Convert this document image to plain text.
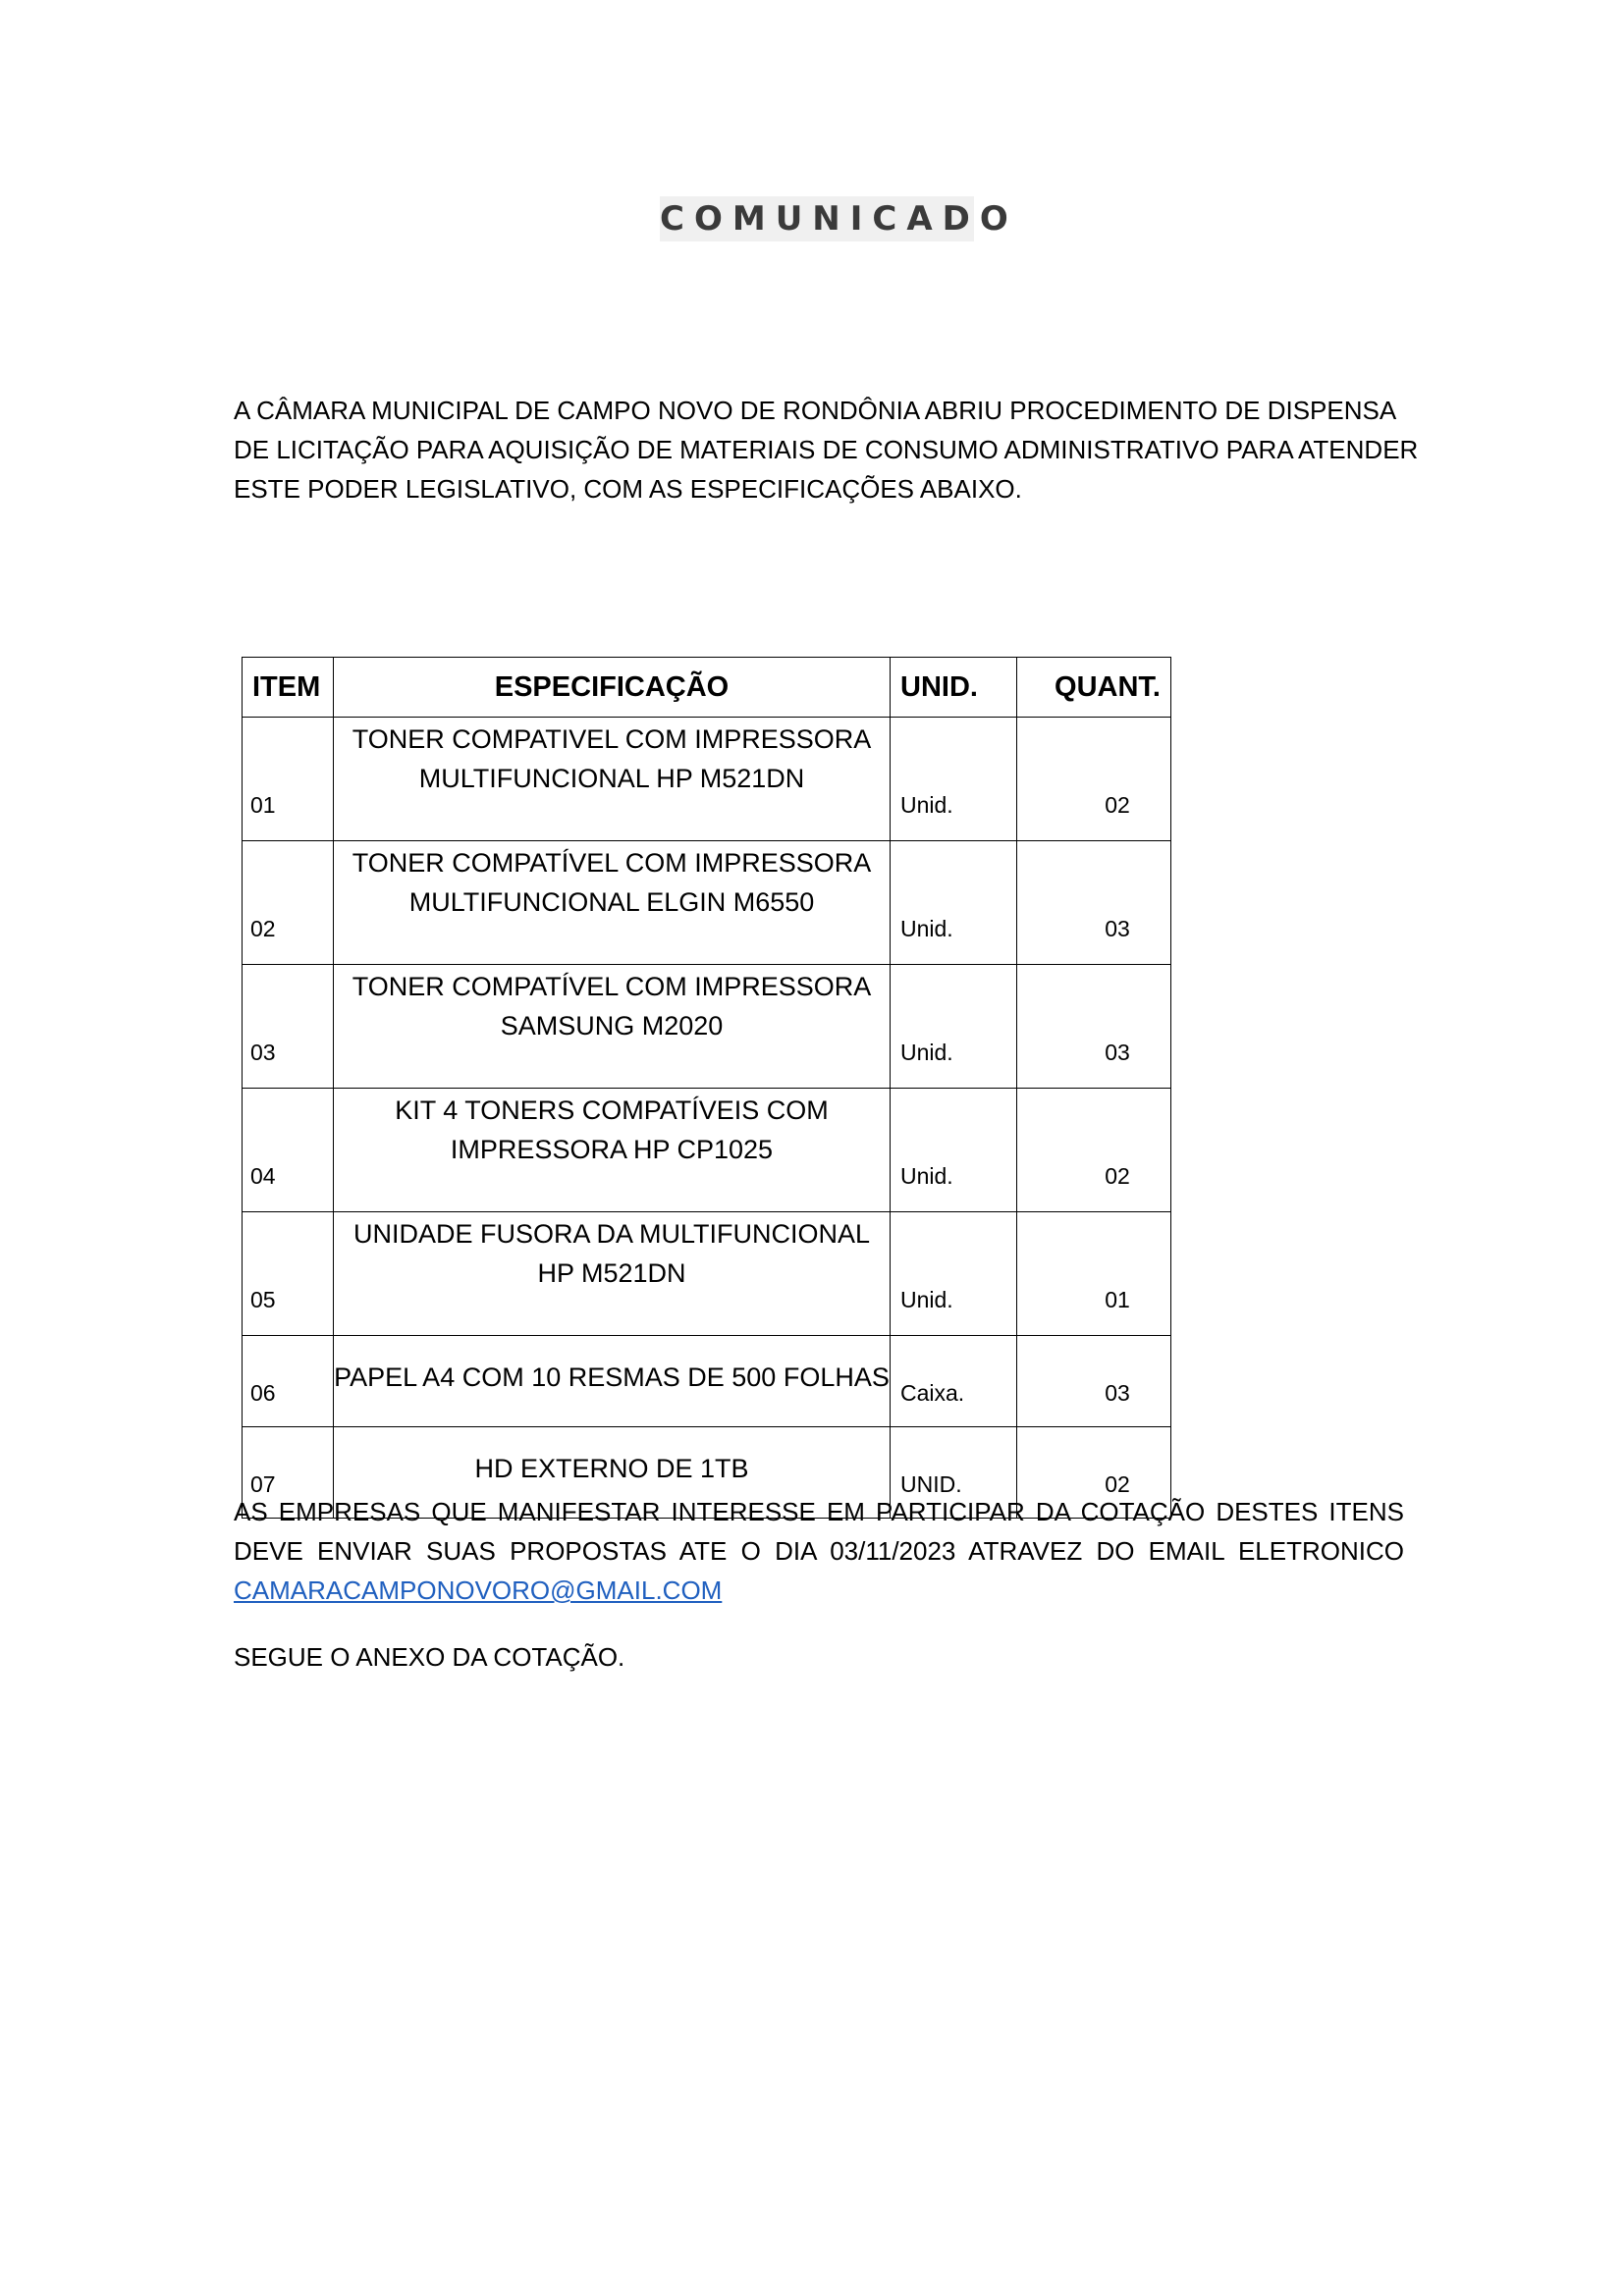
COMUNICADO

A CÂMARA MUNICIPAL DE CAMPO NOVO DE RONDÔNIA ABRIU PROCEDIMENTO DE DISPENSA DE LICITAÇÃO PARA AQUISIÇÃO DE MATERIAIS DE CONSUMO ADMINISTRATIVO PARA ATENDER ESTE PODER LEGISLATIVO, COM AS ESPECIFICAÇÕES ABAIXO.

ITEM	ESPECIFICAÇÃO	UNID.	QUANT.
01	TONER COMPATIVEL COM IMPRESSORA
MULTIFUNCIONAL HP M521DN	Unid.	02
02	TONER COMPATÍVEL COM IMPRESSORA
MULTIFUNCIONAL ELGIN M6550	Unid.	03
03	TONER COMPATÍVEL COM IMPRESSORA
SAMSUNG M2020	Unid.	03
04	KIT 4 TONERS COMPATÍVEIS COM
IMPRESSORA HP CP1025	Unid.	02
05	UNIDADE FUSORA DA MULTIFUNCIONAL
HP M521DN	Unid.	01
06	PAPEL A4 COM 10 RESMAS DE 500 FOLHAS	Caixa.	03
07	HD EXTERNO DE 1TB	UNID.	02

AS EMPRESAS QUE MANIFESTAR INTERESSE EM PARTICIPAR DA COTAÇÃO DESTES ITENS DEVE ENVIAR SUAS PROPOSTAS ATE O DIA 03/11/2023 ATRAVEZ DO EMAIL ELETRONICO CAMARACAMPONOVORO@GMAIL.COM

SEGUE O ANEXO DA COTAÇÃO.
